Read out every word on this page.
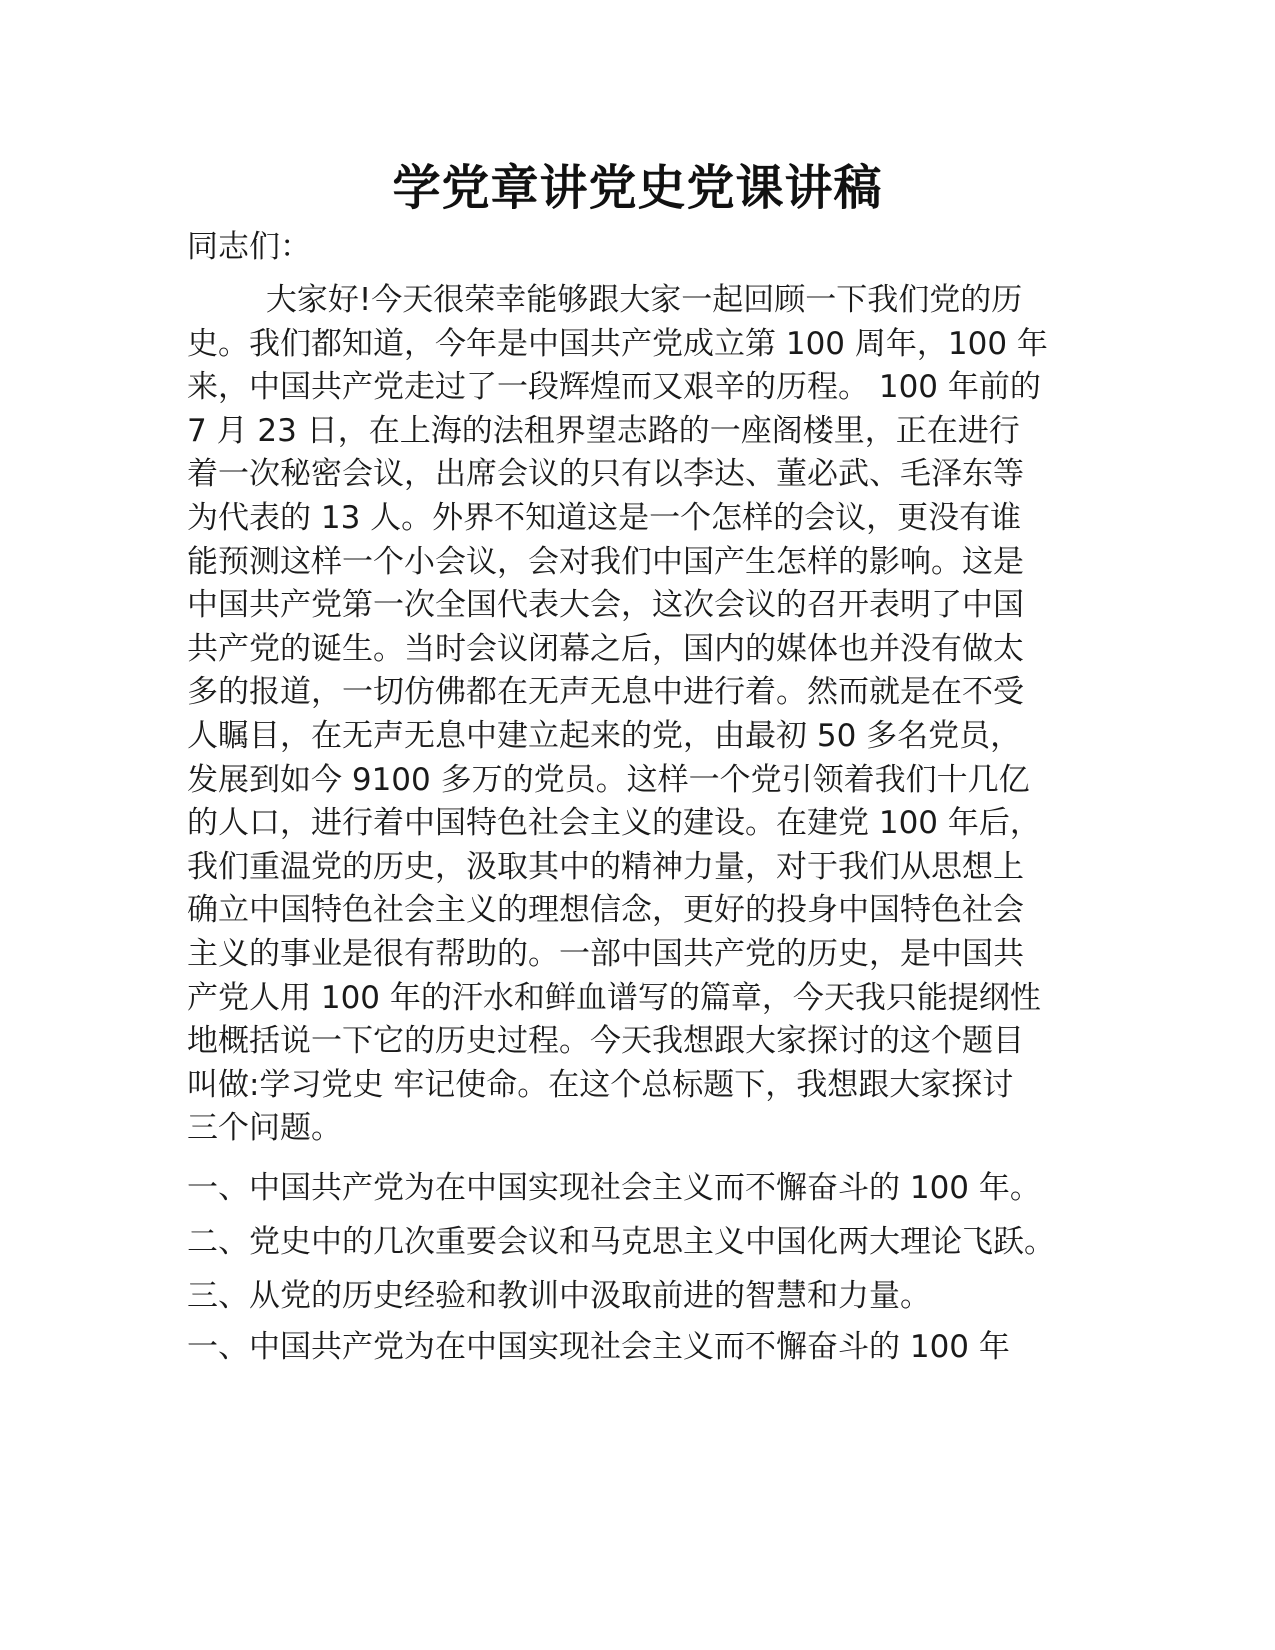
学党章讲党史党课讲稿

同志们：

大家好!今天很荣幸能够跟大家一起回顾一下我们党的历
史。我们都知道，今年是中国共产党成立第 100 周年，100 年
来，中国共产党走过了一段辉煌而又艰辛的历程。 100 年前的
7 月 23 日，在上海的法租界望志路的一座阁楼里，正在进行
着一次秘密会议，出席会议的只有以李达、董必武、毛泽东等
为代表的 13 人。外界不知道这是一个怎样的会议，更没有谁
能预测这样一个小会议，会对我们中国产生怎样的影响。这是
中国共产党第一次全国代表大会，这次会议的召开表明了中国
共产党的诞生。当时会议闭幕之后，国内的媒体也并没有做太
多的报道，一切仿佛都在无声无息中进行着。然而就是在不受
人瞩目，在无声无息中建立起来的党，由最初 50 多名党员，
发展到如今 9100 多万的党员。这样一个党引领着我们十几亿
的人口，进行着中国特色社会主义的建设。在建党 100 年后，
我们重温党的历史，汲取其中的精神力量，对于我们从思想上
确立中国特色社会主义的理想信念，更好的投身中国特色社会
主义的事业是很有帮助的。一部中国共产党的历史，是中国共
产党人用 100 年的汗水和鲜血谱写的篇章，今天我只能提纲性
地概括说一下它的历史过程。今天我想跟大家探讨的这个题目
叫做:学习党史 牢记使命。在这个总标题下，我想跟大家探讨
三个问题。
一、中国共产党为在中国实现社会主义而不懈奋斗的 100 年。
二、党史中的几次重要会议和马克思主义中国化两大理论飞跃。
三、从党的历史经验和教训中汲取前进的智慧和力量。

一、中国共产党为在中国实现社会主义而不懈奋斗的 100 年
